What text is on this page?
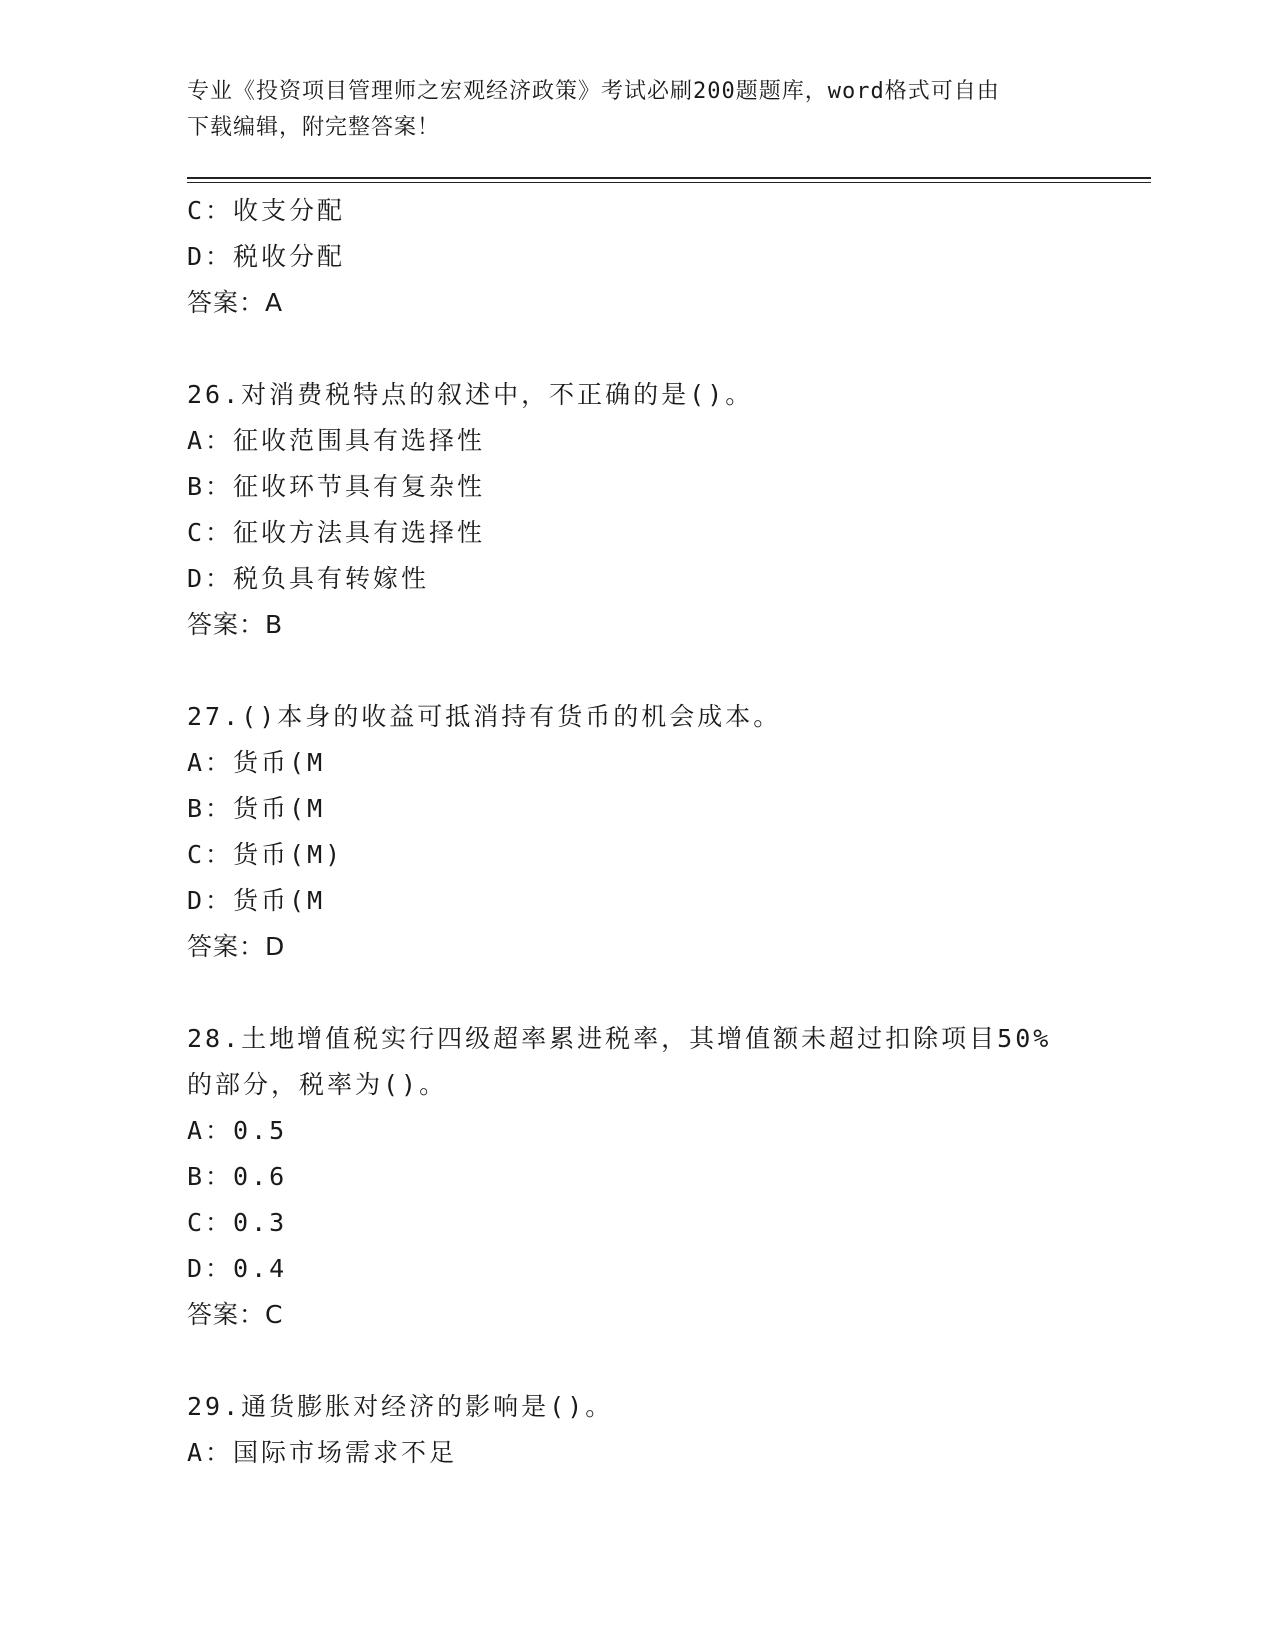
专业《投资项目管理师之宏观经济政策》考试必刷200题题库，word格式可自由
下载编辑，附完整答案！
C：收支分配
D：税收分配
答案：A
26.对消费税特点的叙述中，不正确的是()。
A：征收范围具有选择性
B：征收环节具有复杂性
C：征收方法具有选择性
D：税负具有转嫁性
答案：B
27.()本身的收益可抵消持有货币的机会成本。
A：货币(M
B：货币(M
C：货币(M)
D：货币(M
答案：D
28.土地增值税实行四级超率累进税率，其增值额未超过扣除项目50%
的部分，税率为()。
A：0.5
B：0.6
C：0.3
D：0.4
答案：C
29.通货膨胀对经济的影响是()。
A：国际市场需求不足
